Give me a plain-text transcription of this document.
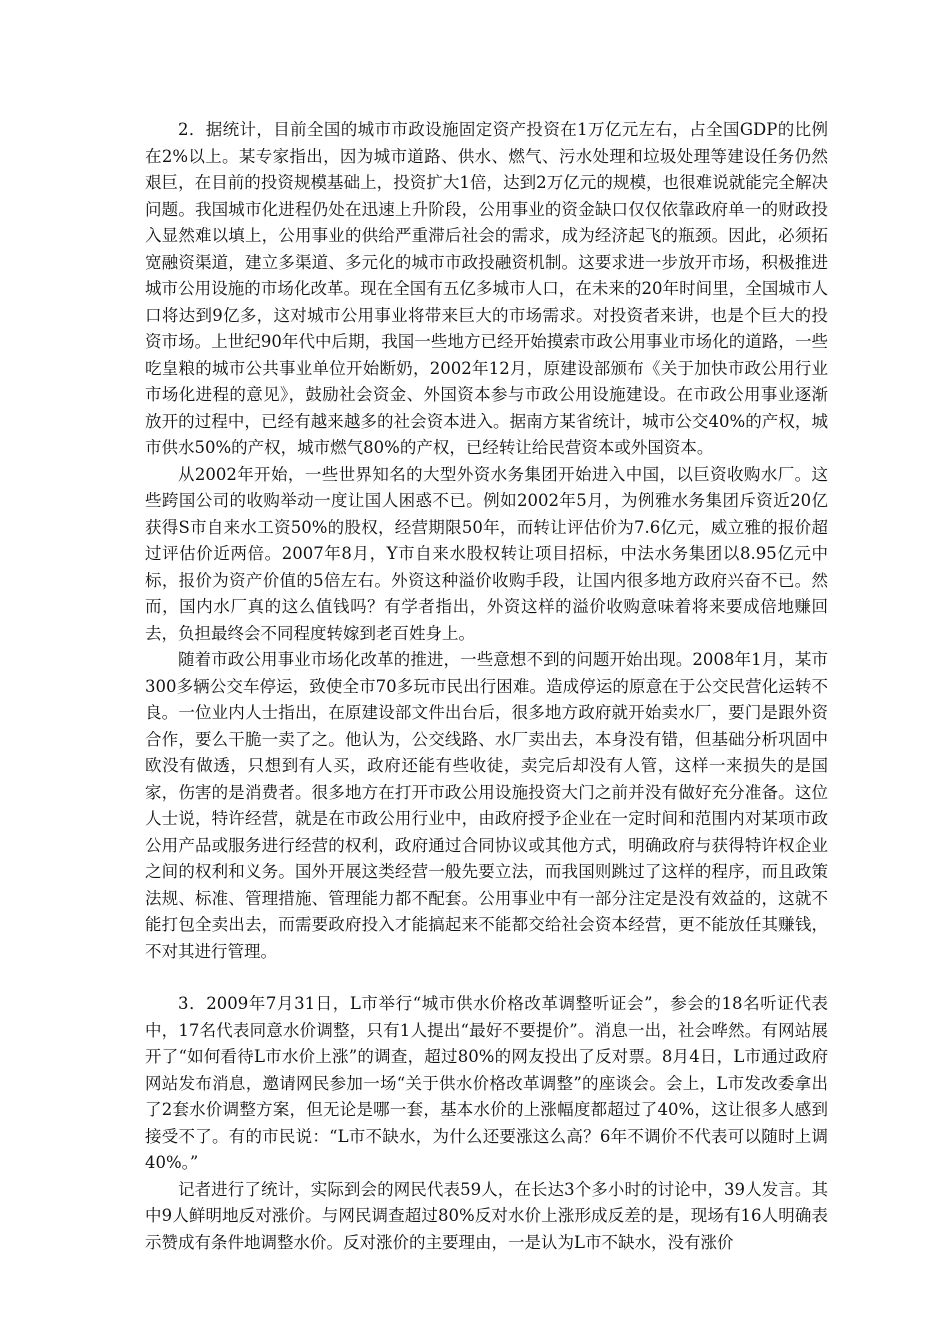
2．据统计，目前全国的城市市政设施固定资产投资在1万亿元左右，占全国GDP的比例在2%以上。某专家指出，因为城市道路、供水、燃气、污水处理和垃圾处理等建设任务仍然艰巨，在目前的投资规模基础上，投资扩大1倍，达到2万亿元的规模，也很难说就能完全解决问题。我国城市化进程仍处在迅速上升阶段，公用事业的资金缺口仅仅依靠政府单一的财政投入显然难以填上，公用事业的供给严重滞后社会的需求，成为经济起飞的瓶颈。因此，必须拓宽融资渠道，建立多渠道、多元化的城市市政投融资机制。这要求进一步放开市场，积极推进城市公用设施的市场化改革。现在全国有五亿多城市人口，在未来的20年时间里，全国城市人口将达到9亿多，这对城市公用事业将带来巨大的市场需求。对投资者来讲，也是个巨大的投资市场。上世纪90年代中后期，我国一些地方已经开始摸索市政公用事业市场化的道路，一些吃皇粮的城市公共事业单位开始断奶，2002年12月，原建设部颁布《关于加快市政公用行业市场化进程的意见》，鼓励社会资金、外国资本参与市政公用设施建设。在市政公用事业逐渐放开的过程中，已经有越来越多的社会资本进入。据南方某省统计，城市公交40%的产权，城市供水50%的产权，城市燃气80%的产权，已经转让给民营资本或外国资本。

从2002年开始，一些世界知名的大型外资水务集团开始进入中国，以巨资收购水厂。这些跨国公司的收购举动一度让国人困惑不已。例如2002年5月，为例雅水务集团斥资近20亿获得S市自来水工资50%的股权，经营期限50年，而转让评估价为7.6亿元，威立雅的报价超过评估价近两倍。2007年8月，Y市自来水股权转让项目招标，中法水务集团以8.95亿元中标，报价为资产价值的5倍左右。外资这种溢价收购手段，让国内很多地方政府兴奋不已。然而，国内水厂真的这么值钱吗？有学者指出，外资这样的溢价收购意味着将来要成倍地赚回去，负担最终会不同程度转嫁到老百姓身上。

随着市政公用事业市场化改革的推进，一些意想不到的问题开始出现。2008年1月，某市300多辆公交车停运，致使全市70多玩市民出行困难。造成停运的原意在于公交民营化运转不良。一位业内人士指出，在原建设部文件出台后，很多地方政府就开始卖水厂，要门是跟外资合作，要么干脆一卖了之。他认为，公交线路、水厂卖出去，本身没有错，但基础分析巩固中欧没有做透，只想到有人买，政府还能有些收徒，卖完后却没有人管，这样一来损失的是国家，伤害的是消费者。很多地方在打开市政公用设施投资大门之前并没有做好充分准备。这位人士说，特许经营，就是在市政公用行业中，由政府授予企业在一定时间和范围内对某项市政公用产品或服务进行经营的权利，政府通过合同协议或其他方式，明确政府与获得特许权企业之间的权利和义务。国外开展这类经营一般先要立法，而我国则跳过了这样的程序，而且政策法规、标准、管理措施、管理能力都不配套。公用事业中有一部分注定是没有效益的，这就不能打包全卖出去，而需要政府投入才能搞起来不能都交给社会资本经营，更不能放任其赚钱，不对其进行管理。

3．2009年7月31日，L市举行“城市供水价格改革调整听证会”，参会的18名听证代表中，17名代表同意水价调整，只有1人提出“最好不要提价”。消息一出，社会哗然。有网站展开了“如何看待L市水价上涨”的调查，超过80%的网友投出了反对票。8月4日，L市通过政府网站发布消息，邀请网民参加一场“关于供水价格改革调整”的座谈会。会上，L市发改委拿出了2套水价调整方案，但无论是哪一套，基本水价的上涨幅度都超过了40%，这让很多人感到接受不了。有的市民说：“L市不缺水，为什么还要涨这么高？6年不调价不代表可以随时上调40%。”

记者进行了统计，实际到会的网民代表59人，在长达3个多小时的讨论中，39人发言。其中9人鲜明地反对涨价。与网民调查超过80%反对水价上涨形成反差的是，现场有16人明确表示赞成有条件地调整水价。反对涨价的主要理由，一是认为L市不缺水，没有涨价
